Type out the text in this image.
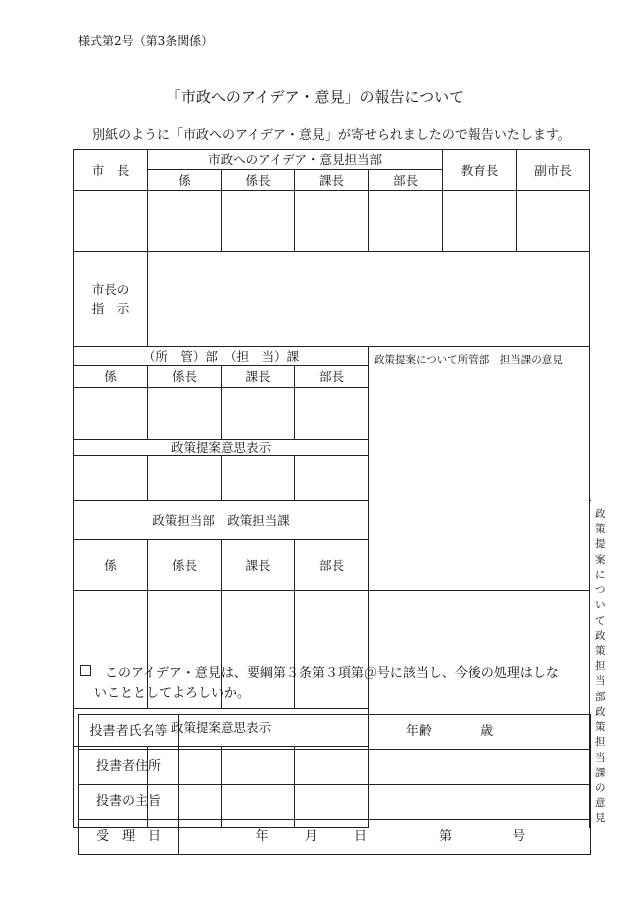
様式第2号（第3条関係）
「市政へのアイデア・意見」の報告について
別紙のように「市政へのアイデア・意見」が寄せられましたので報告いたします。
市　長	市政へのアイデア・意見担当部				教育長	副市長	
	係	係長	課長	部長			

市長の
指　示							

（所　管）部　（担　当）課				政策提案について所管部　担当課の意見			
係	係長	課長	部長				

政策提案意思表示							

政策担当部　政策担当課							政策提案について政策担当部　政策担当課の意見
係	係長	課長	部長				

政策提案意思表示							

このアイデア・意見は、要綱第３条第３項第＠号に該当し、今後の処理はしな
いこととしてよろしいか。
投書者氏名等	年齢 歳
投書者住所	
投書の主旨	
受　理　日	年 月 日 第 号
